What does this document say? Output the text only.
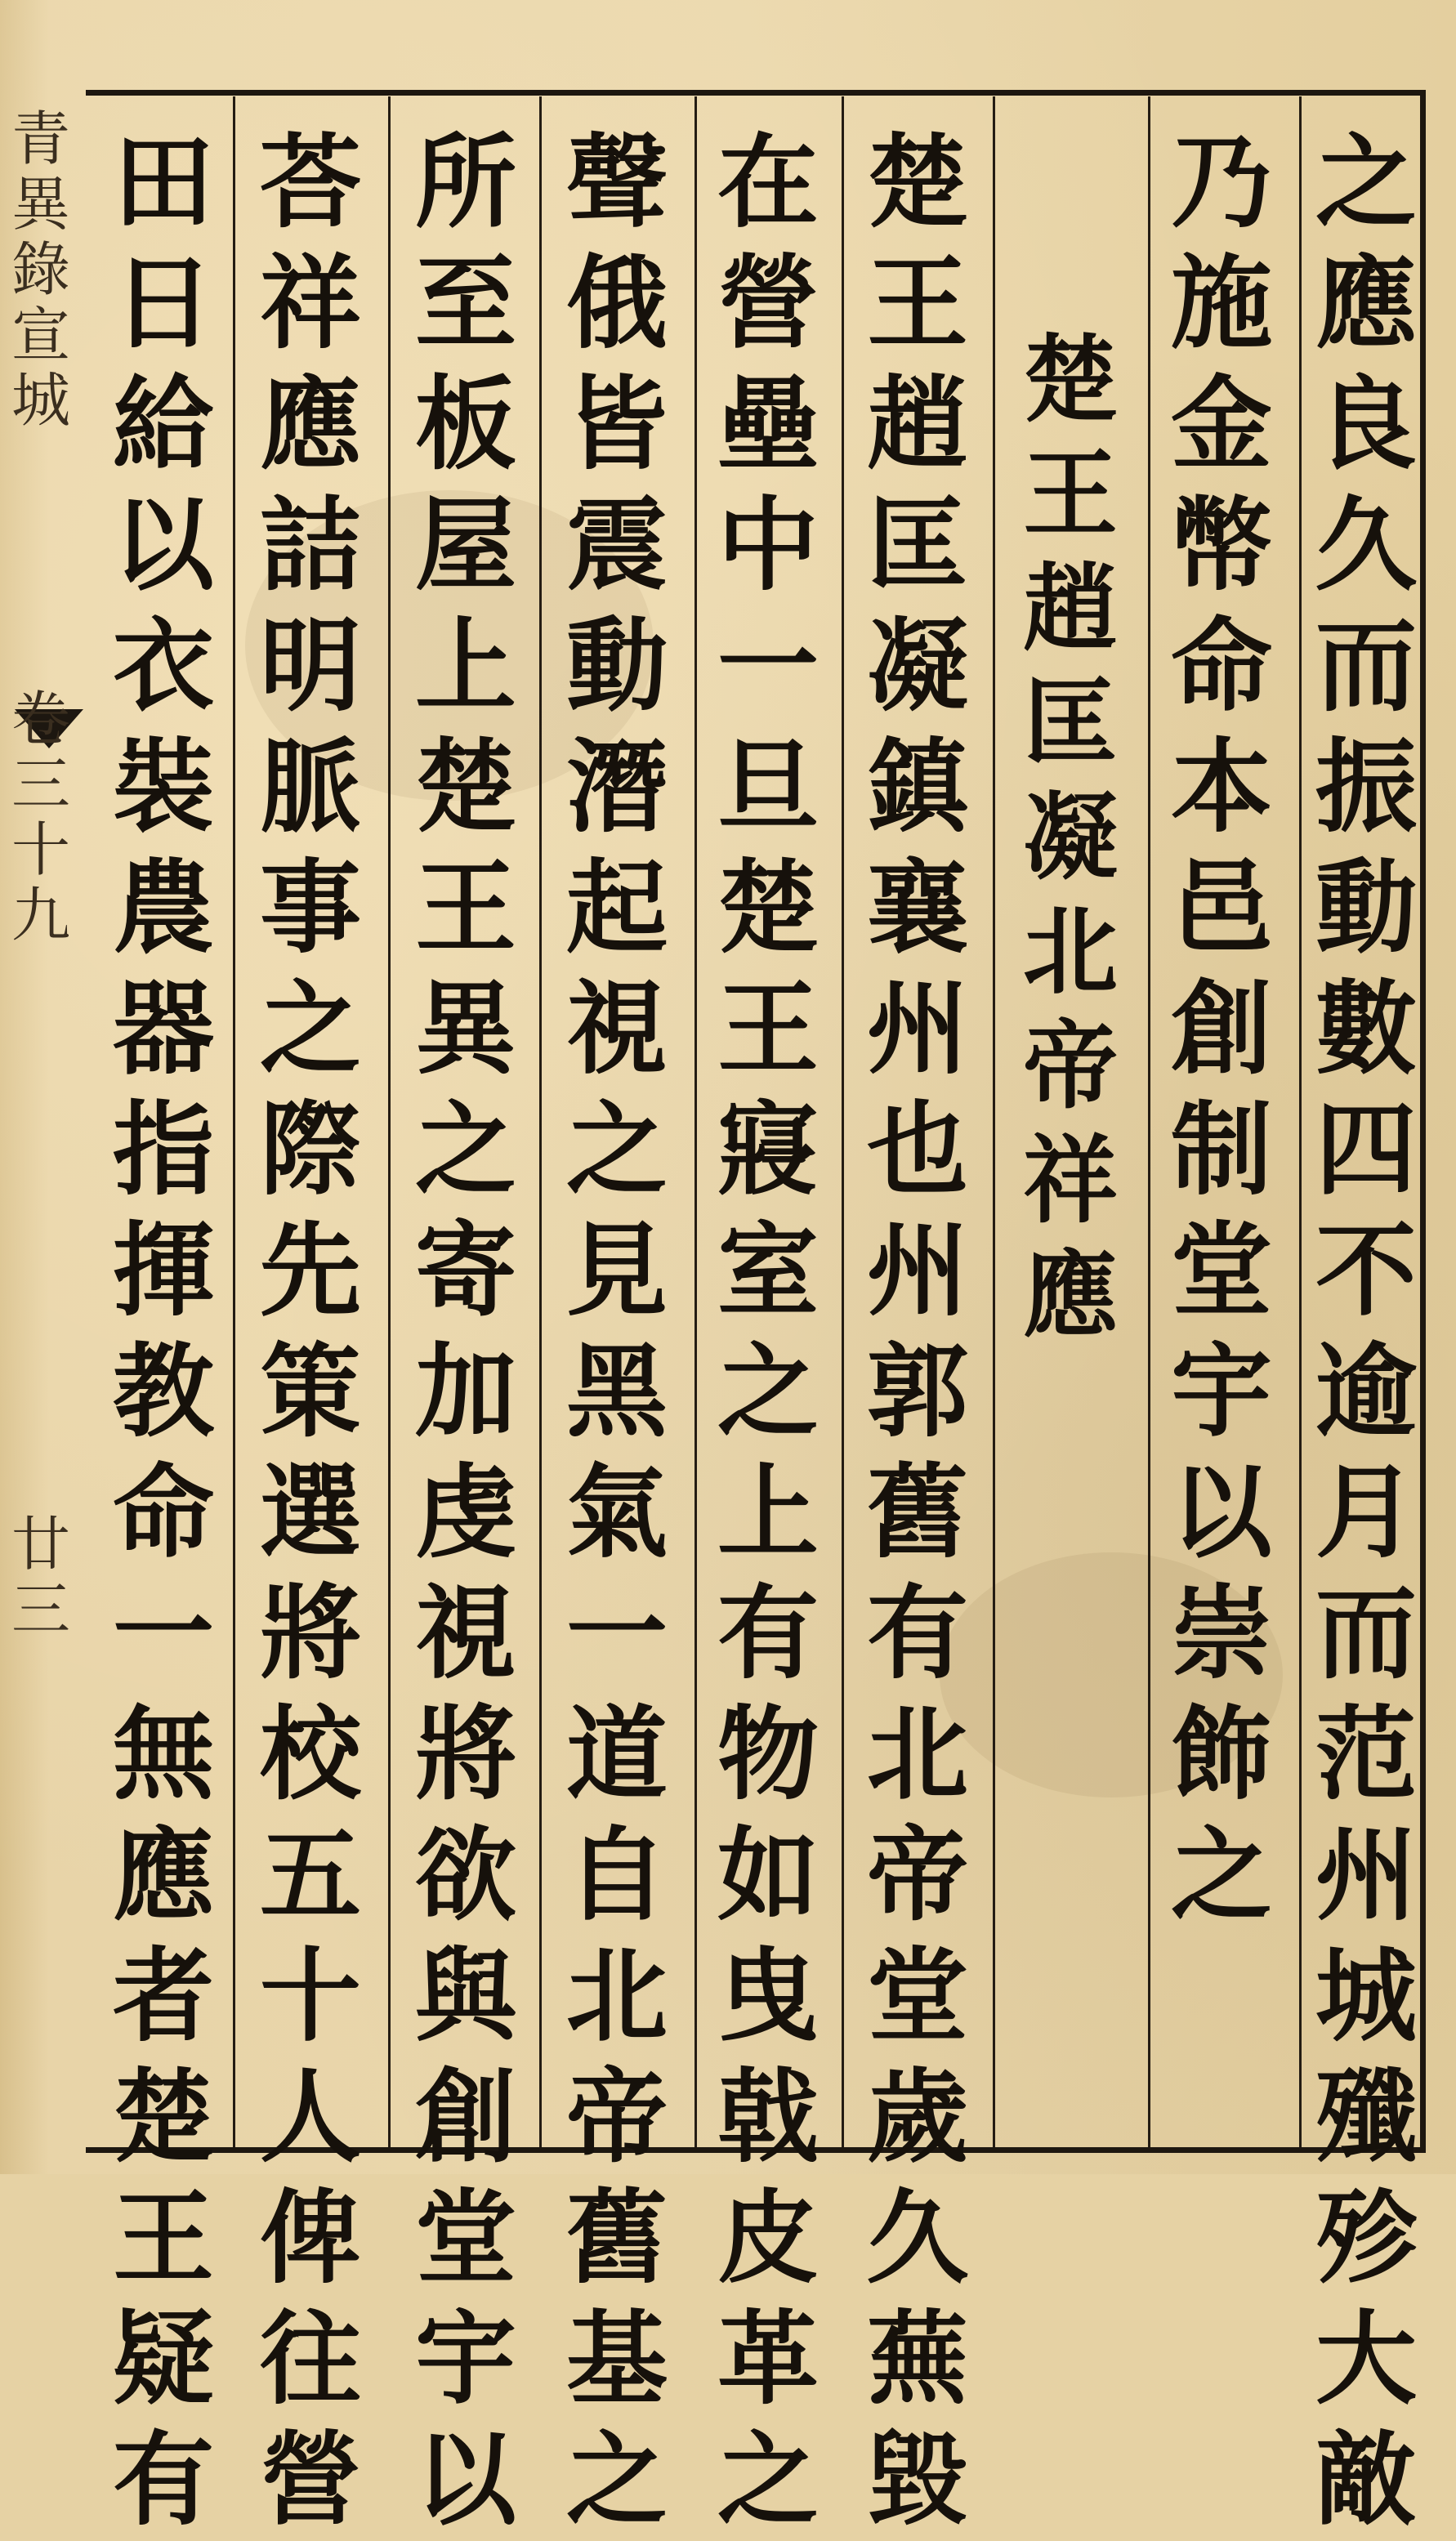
青
異
錄
宣
城
卷
三
十
九
廿
三
之
應
良
久
而
振
動
數
四
不
逾
月
而
范
州
城
殲
殄
大
敵
乃
施
金
幣
命
本
邑
創
制
堂
宇
以
崇
飾
之
楚
王
趙
匡
凝
北
帝
祥
應
楚
王
趙
匡
凝
鎮
襄
州
也
州
郭
舊
有
北
帝
堂
歲
久
蕪
毀
在
營
壘
中
一
旦
楚
王
寢
室
之
上
有
物
如
曳
戟
皮
革
之
聲
俄
皆
震
動
潛
起
視
之
見
黑
氣
一
道
自
北
帝
舊
基
之
所
至
板
屋
上
楚
王
異
之
寄
加
虔
視
將
欲
與
創
堂
宇
以
荅
祥
應
詰
明
脈
事
之
際
先
䇿
選
將
校
五
十
人
俾
往
營
田
日
給
以
衣
裝
農
器
指
揮
教
命
一
無
應
者
楚
王
疑
有
